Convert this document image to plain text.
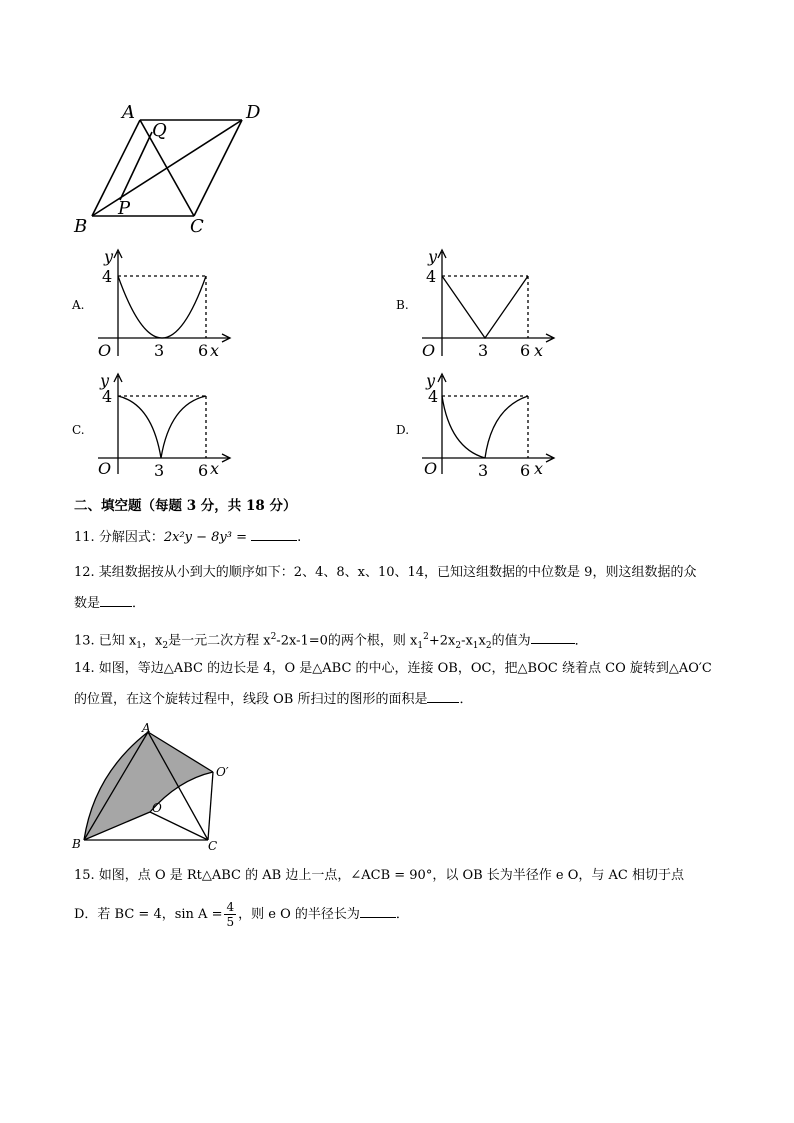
A	D
Q
B
P
C
A.
y
4
O	3 6 x
B.
y
4
O	3 6 x
C.
y
4
O	3 6 x
D.
y
4
O	3 6 x
二、填空题（每题 3 分，共 18 分）
11. 分解因式：2x²y − 8y³ =	.
12. 某组数据按从小到大的顺序如下：2、4、8、x、10、14，已知这组数据的中位数是 9，则这组数据的众
数是 ．
13. 已知 $x_1$，$x_2$是一元二次方程 $x^2-2x-1=0$的两个根，则 $x_1^2+2x_2-x_1x_2$的值为	．
14. 如图，等边△ABC 的边长是 4，O 是△ABC 的中心，连接 OB，OC，把△BOC 绕着点 CO 旋转到△AO′C
的位置，在这个旋转过程中，线段 OB 所扫过的图形的面积是 ．
A
O′
O
B	C
15. 如图，点 O 是 Rt△ABC 的 AB 边上一点，∠ACB = 90°，以 OB 长为半径作 e O，与 AC 相切于点
D．若 BC = 4，$\sin A = \frac{4}{5}$ ，则 e O 的半径长为	．
